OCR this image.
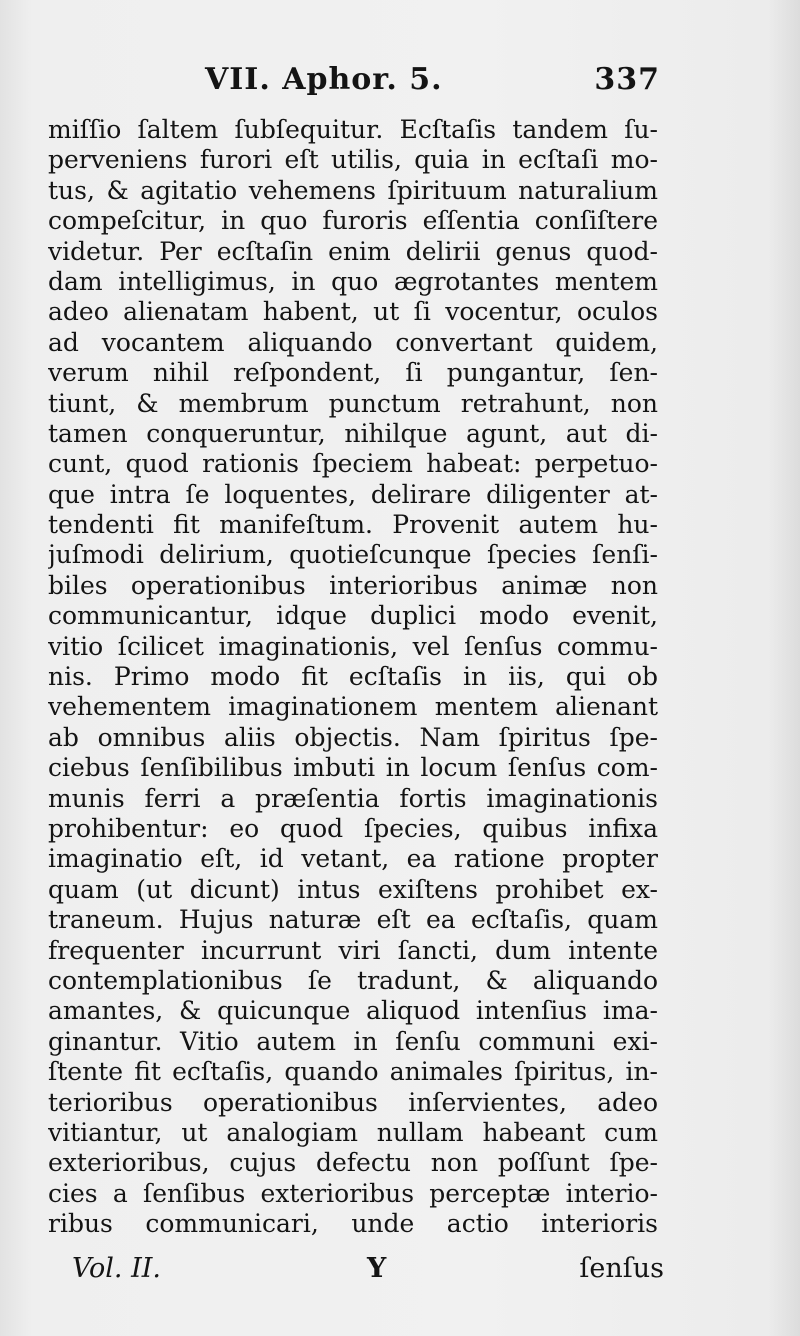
VII. Aphor. 5.	337
miſſio ſaltem ſubſequitur. Ecſtaſis tandem ſu-
perveniens furori eſt utilis, quia in ecſtaſi mo-
tus, & agitatio vehemens ſpirituum naturalium
compeſcitur, in quo furoris eſſentia conſiſtere
videtur. Per ecſtaſin enim delirii genus quod-
dam intelligimus, in quo ægrotantes mentem
adeo alienatam habent, ut ſi vocentur, oculos
ad vocantem aliquando convertant quidem,
verum nihil reſpondent, ſi pungantur, ſen-
tiunt, & membrum punctum retrahunt, non
tamen conqueruntur, nihilque agunt, aut di-
cunt, quod rationis ſpeciem habeat: perpetuo-
que intra ſe loquentes, delirare diligenter at-
tendenti fit manifeſtum. Provenit autem hu-
juſmodi delirium, quotieſcunque ſpecies ſenſi-
biles operationibus interioribus animæ non
communicantur, idque duplici modo evenit,
vitio ſcilicet imaginationis, vel ſenſus commu-
nis. Primo modo fit ecſtaſis in iis, qui ob
vehementem imaginationem mentem alienant
ab omnibus aliis objectis. Nam ſpiritus ſpe-
ciebus ſenſibilibus imbuti in locum ſenſus com-
munis ferri a præſentia fortis imaginationis
prohibentur: eo quod ſpecies, quibus infixa
imaginatio eſt, id vetant, ea ratione propter
quam (ut dicunt) intus exiſtens prohibet ex-
traneum. Hujus naturæ eſt ea ecſtaſis, quam
frequenter incurrunt viri ſancti, dum intente
contemplationibus ſe tradunt, & aliquando
amantes, & quicunque aliquod intenſius ima-
ginantur. Vitio autem in ſenſu communi exi-
ſtente fit ecſtaſis, quando animales ſpiritus, in-
terioribus operationibus inſervientes, adeo
vitiantur, ut analogiam nullam habeant cum
exterioribus, cujus defectu non poſſunt ſpe-
cies a ſenſibus exterioribus perceptæ interio-
ribus communicari, unde actio interioris
Vol. II.	Y	ſenſus
